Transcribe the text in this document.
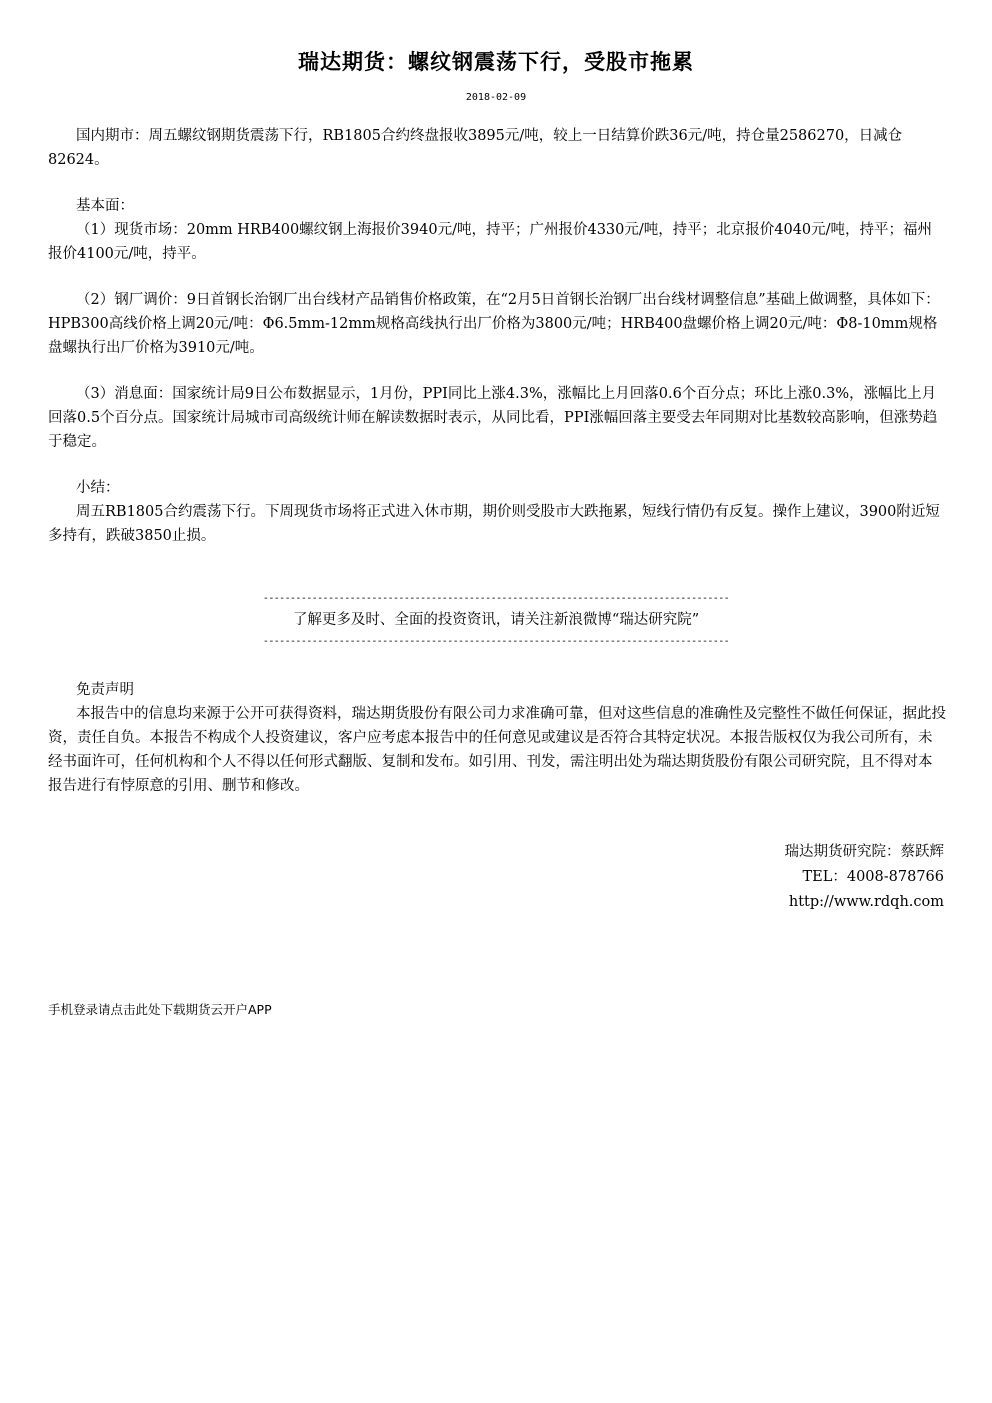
瑞达期货：螺纹钢震荡下行，受股市拖累
2018-02-09

国内期市：周五螺纹钢期货震荡下行，RB1805合约终盘报收3895元/吨，较上一日结算价跌36元/吨，持仓量2586270，日减仓82624。

基本面：

（1）现货市场：20mm HRB400螺纹钢上海报价3940元/吨，持平；广州报价4330元/吨，持平；北京报价4040元/吨，持平；福州报价4100元/吨，持平。

（2）钢厂调价：9日首钢长治钢厂出台线材产品销售价格政策，在“2月5日首钢长治钢厂出台线材调整信息”基础上做调整，具体如下：HPB300高线价格上调20元/吨：Φ6.5mm-12mm规格高线执行出厂价格为3800元/吨；HRB400盘螺价格上调20元/吨：Φ8-10mm规格盘螺执行出厂价格为3910元/吨。

（3）消息面：国家统计局9日公布数据显示，1月份，PPI同比上涨4.3%，涨幅比上月回落0.6个百分点；环比上涨0.3%，涨幅比上月回落0.5个百分点。国家统计局城市司高级统计师在解读数据时表示，从同比看，PPI涨幅回落主要受去年同期对比基数较高影响，但涨势趋于稳定。

小结：

周五RB1805合约震荡下行。下周现货市场将正式进入休市期，期价则受股市大跌拖累，短线行情仍有反复。操作上建议，3900附近短多持有，跌破3850止损。

--------------------------------------------------------------------------------------
了解更多及时、全面的投资资讯，请关注新浪微博“瑞达研究院”
--------------------------------------------------------------------------------------

免责声明

本报告中的信息均来源于公开可获得资料，瑞达期货股份有限公司力求准确可靠，但对这些信息的准确性及完整性不做任何保证，据此投资，责任自负。本报告不构成个人投资建议，客户应考虑本报告中的任何意见或建议是否符合其特定状况。本报告版权仅为我公司所有，未经书面许可，任何机构和个人不得以任何形式翻版、复制和发布。如引用、刊发，需注明出处为瑞达期货股份有限公司研究院，且不得对本报告进行有悖原意的引用、删节和修改。

瑞达期货研究院：蔡跃辉
TEL：4008-878766
http://www.rdqh.com
手机登录请点击此处下载期货云开户APP
